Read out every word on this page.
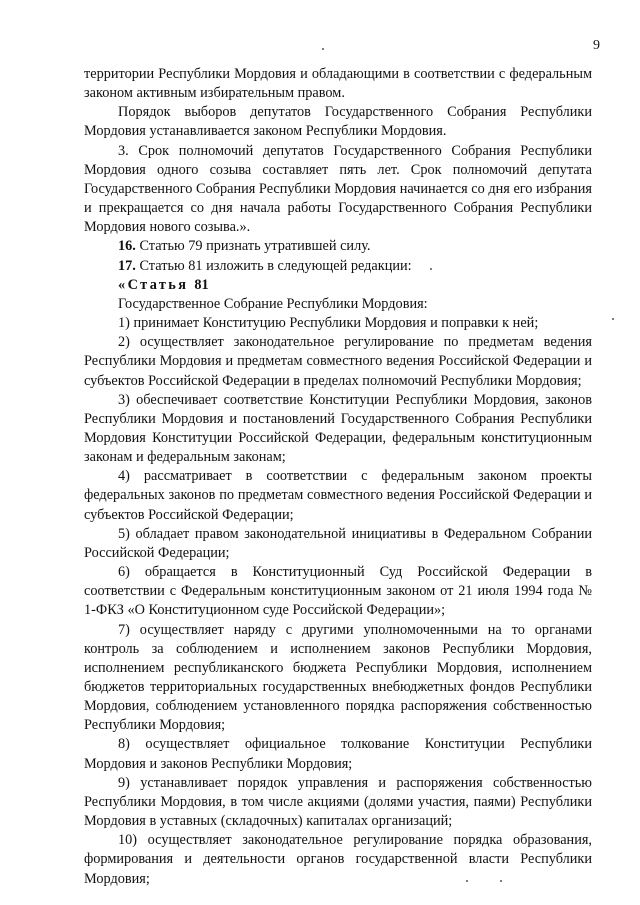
9

территории Республики Мордовия и обладающими в соответствии с федеральным законом активным избирательным правом.

Порядок выборов депутатов Государственного Собрания Республики Мордовия устанавливается законом Республики Мордовия.

3. Срок полномочий депутатов Государственного Собрания Республики Мордовия одного созыва составляет пять лет. Срок полномочий депутата Государственного Собрания Республики Мордовия начинается со дня его избрания и прекращается со дня начала работы Государственного Собрания Республики Мордовия нового созыва.».

16. Статью 79 признать утратившей силу.

17. Статью 81 изложить в следующей редакции:

«Статья 81

Государственное Собрание Республики Мордовия:

1) принимает Конституцию Республики Мордовия и поправки к ней;

2) осуществляет законодательное регулирование по предметам ведения Республики Мордовия и предметам совместного ведения Российской Федерации и субъектов Российской Федерации в пределах полномочий Республики Мордовия;

3) обеспечивает соответствие Конституции Республики Мордовия, законов Республики Мордовия и постановлений Государственного Собрания Республики Мордовия Конституции Российской Федерации, федеральным конституционным законам и федеральным законам;

4) рассматривает в соответствии с федеральным законом проекты федеральных законов по предметам совместного ведения Российской Федерации и субъектов Российской Федерации;

5) обладает правом законодательной инициативы в Федеральном Собрании Российской Федерации;

6) обращается в Конституционный Суд Российской Федерации в соответствии с Федеральным конституционным законом от 21 июля 1994 года № 1-ФКЗ «О Конституционном суде Российской Федерации»;

7) осуществляет наряду с другими уполномоченными на то органами контроль за соблюдением и исполнением законов Республики Мордовия, исполнением республиканского бюджета Республики Мордовия, исполнением бюджетов территориальных государственных внебюджетных фондов Республики Мордовия, соблюдением установленного порядка распоряжения собственностью Республики Мордовия;

8) осуществляет официальное толкование Конституции Республики Мордовия и законов Республики Мордовия;

9) устанавливает порядок управления и распоряжения собственностью Республики Мордовия, в том числе акциями (долями участия, паями) Республики Мордовия в уставных (складочных) капиталах организаций;

10) осуществляет законодательное регулирование порядка образования, формирования и деятельности органов государственной власти Республики Мордовия;
